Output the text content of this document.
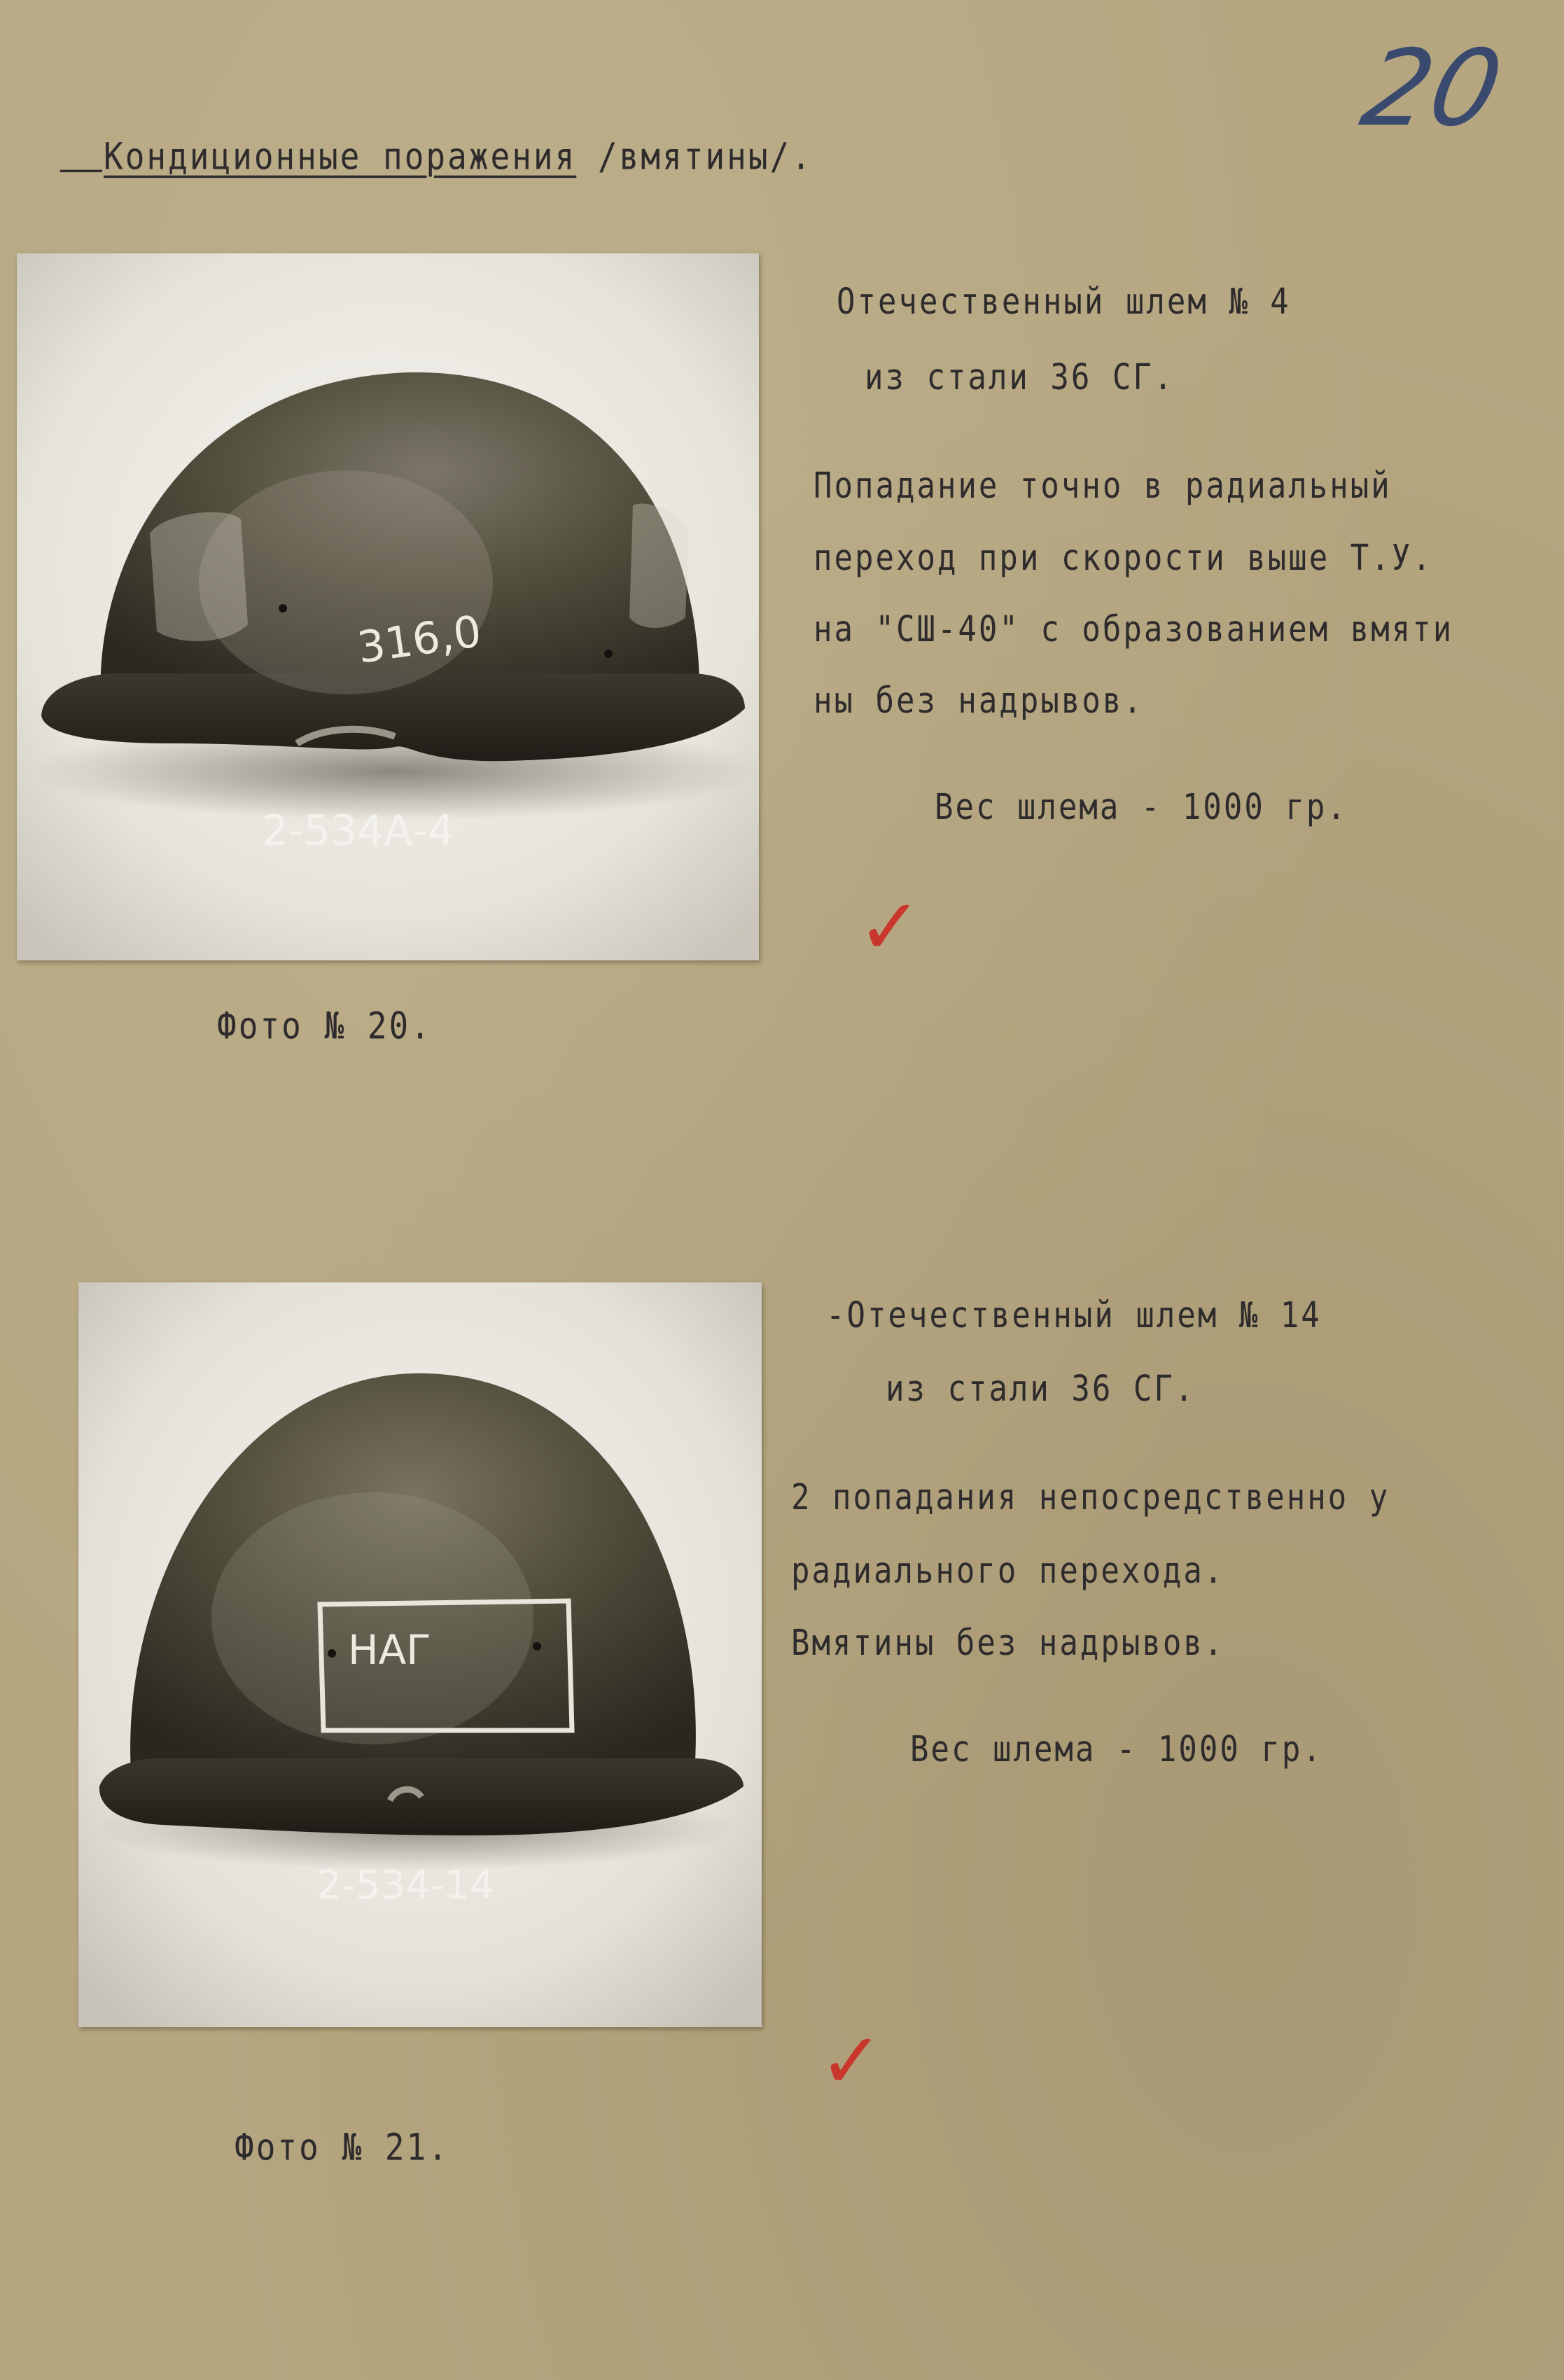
20
Кондиционные поражения /вмятины/.
316,0
2-534А-4
Отечественный шлем № 4
из стали 36 СГ.
Попадание точно в радиальный
переход при скорости выше Т.У.
на "СШ-40" с образованием вмяти
ны без надрывов.
Вес шлема - 1000 гр.
✓
Фото № 20.
НАГ
2-534-14
-Отечественный шлем № 14
из стали 36 СГ.
2 попадания непосредственно у
радиального перехода.
Вмятины без надрывов.
Вес шлема - 1000 гр.
✓
Фото № 21.
